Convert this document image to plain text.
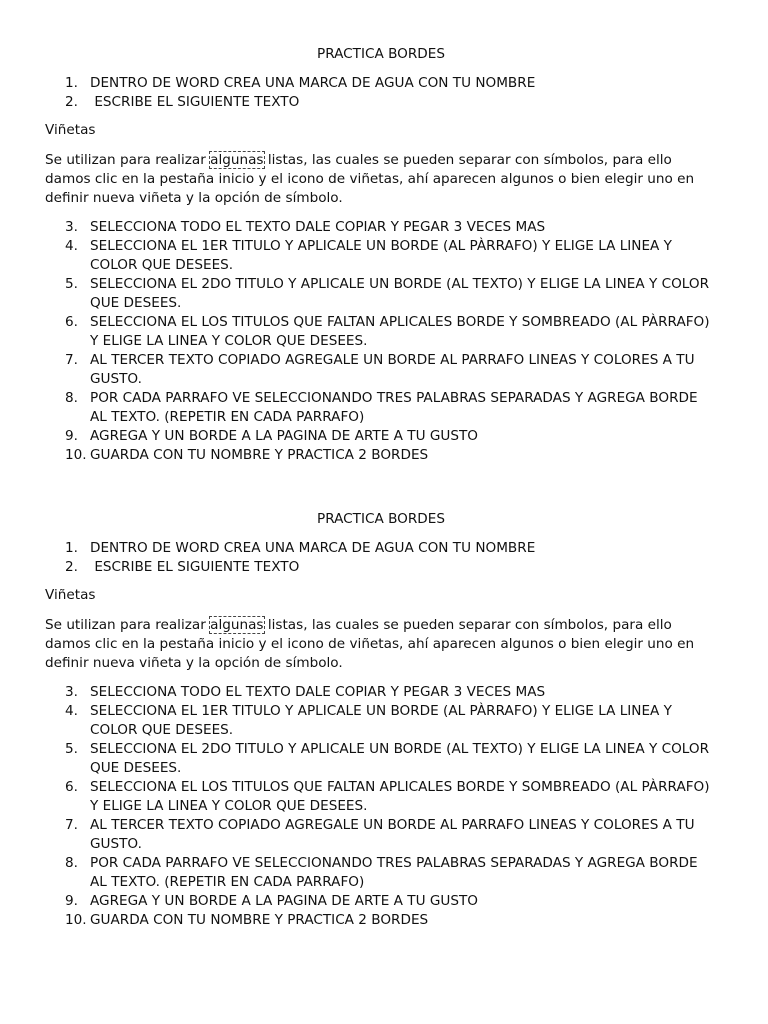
PRACTICA BORDES
1. DENTRO DE WORD CREA UNA MARCA DE AGUA CON TU NOMBRE
2. ESCRIBE EL SIGUIENTE TEXTO
Viñetas

Se utilizan para realizar algunas listas, las cuales se pueden separar con símbolos, para ello damos clic en la pestaña inicio y el icono de viñetas, ahí aparecen algunos o bien elegir uno en definir nueva viñeta y la opción de símbolo.

3. SELECCIONA TODO EL TEXTO DALE COPIAR Y PEGAR 3 VECES MAS
4. SELECCIONA EL 1ER TITULO Y APLICALE UN BORDE (AL PÀRRAFO) Y ELIGE LA LINEA Y COLOR QUE DESEES.
5. SELECCIONA EL 2DO TITULO Y APLICALE UN BORDE (AL TEXTO) Y ELIGE LA LINEA Y COLOR QUE DESEES.
6. SELECCIONA EL LOS TITULOS QUE FALTAN APLICALES BORDE Y SOMBREADO (AL PÀRRAFO) Y ELIGE LA LINEA Y COLOR QUE DESEES.
7. AL TERCER TEXTO COPIADO AGREGALE UN BORDE AL PARRAFO LINEAS Y COLORES A TU GUSTO.
8. POR CADA PARRAFO VE SELECCIONANDO TRES PALABRAS SEPARADAS Y AGREGA BORDE AL TEXTO. (REPETIR EN CADA PARRAFO)
9. AGREGA Y UN BORDE A LA PAGINA DE ARTE A TU GUSTO
10. GUARDA CON TU NOMBRE Y PRACTICA 2 BORDES
PRACTICA BORDES
1. DENTRO DE WORD CREA UNA MARCA DE AGUA CON TU NOMBRE
2. ESCRIBE EL SIGUIENTE TEXTO
Viñetas

Se utilizan para realizar algunas listas, las cuales se pueden separar con símbolos, para ello damos clic en la pestaña inicio y el icono de viñetas, ahí aparecen algunos o bien elegir uno en definir nueva viñeta y la opción de símbolo.

3. SELECCIONA TODO EL TEXTO DALE COPIAR Y PEGAR 3 VECES MAS
4. SELECCIONA EL 1ER TITULO Y APLICALE UN BORDE (AL PÀRRAFO) Y ELIGE LA LINEA Y COLOR QUE DESEES.
5. SELECCIONA EL 2DO TITULO Y APLICALE UN BORDE (AL TEXTO) Y ELIGE LA LINEA Y COLOR QUE DESEES.
6. SELECCIONA EL LOS TITULOS QUE FALTAN APLICALES BORDE Y SOMBREADO (AL PÀRRAFO) Y ELIGE LA LINEA Y COLOR QUE DESEES.
7. AL TERCER TEXTO COPIADO AGREGALE UN BORDE AL PARRAFO LINEAS Y COLORES A TU GUSTO.
8. POR CADA PARRAFO VE SELECCIONANDO TRES PALABRAS SEPARADAS Y AGREGA BORDE AL TEXTO. (REPETIR EN CADA PARRAFO)
9. AGREGA Y UN BORDE A LA PAGINA DE ARTE A TU GUSTO
10. GUARDA CON TU NOMBRE Y PRACTICA 2 BORDES
